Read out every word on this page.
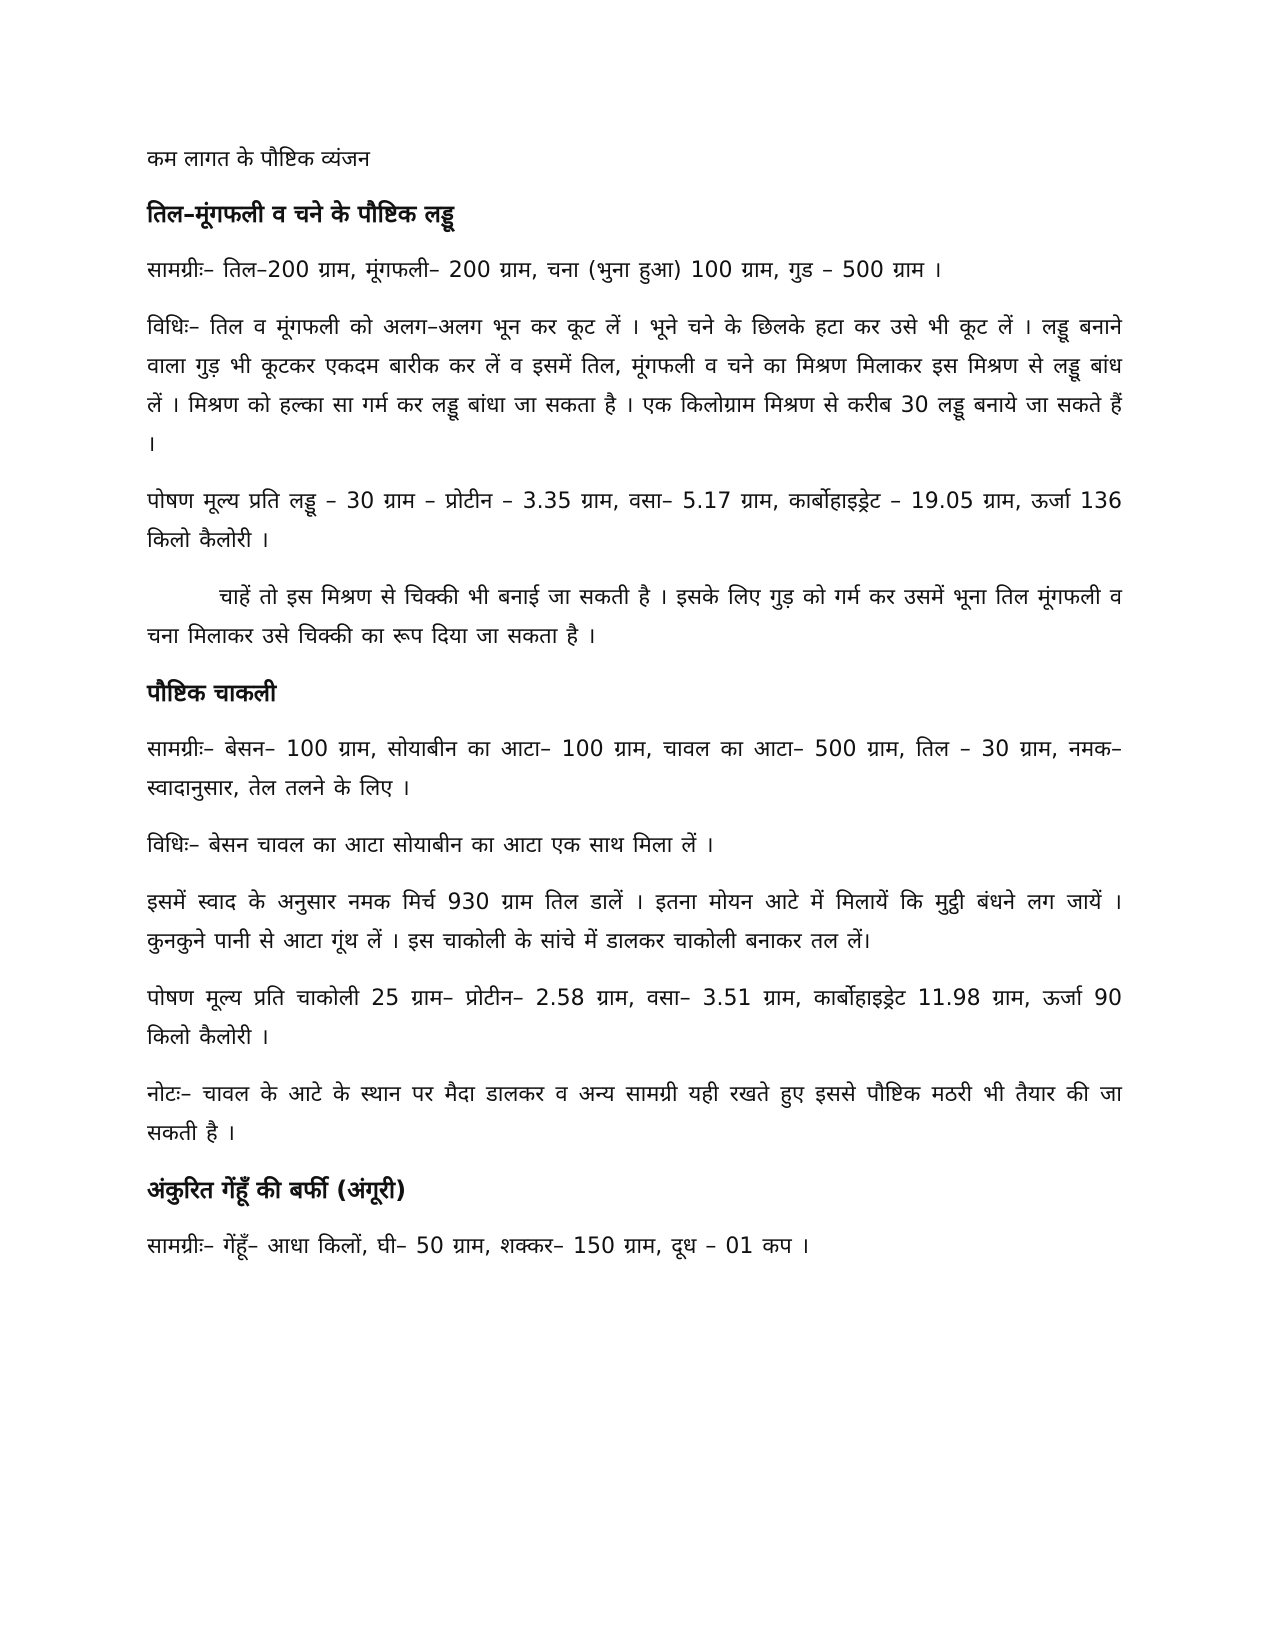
कम लागत के पौष्टिक व्यंजन

तिल–मूंगफली व चने के पौष्टिक लड्डू

सामग्रीः– तिल–200 ग्राम, मूंगफली– 200 ग्राम, चना (भुना हुआ) 100 ग्राम, गुड – 500 ग्राम ।

विधिः– तिल व मूंगफली को अलग–अलग भून कर कूट लें । भूने चने के छिलके हटा कर उसे भी कूट लें । लड्डू बनाने वाला गुड़ भी कूटकर एकदम बारीक कर लें व इसमें तिल, मूंगफली व चने का मिश्रण मिलाकर इस मिश्रण से लड्डू बांध लें । मिश्रण को हल्का सा गर्म कर लड्डू बांधा जा सकता है । एक किलोग्राम मिश्रण से करीब 30 लड्डू बनाये जा सकते हैं ।

पोषण मूल्य प्रति लड्डू – 30 ग्राम – प्रोटीन – 3.35 ग्राम, वसा– 5.17 ग्राम, कार्बोहाइड्रेट – 19.05 ग्राम, ऊर्जा 136 किलो कैलोरी ।

चाहें तो इस मिश्रण से चिक्की भी बनाई जा सकती है । इसके लिए गुड़ को गर्म कर उसमें भूना तिल मूंगफली व चना मिलाकर उसे चिक्की का रूप दिया जा सकता है ।

पौष्टिक चाकली

सामग्रीः– बेसन– 100 ग्राम, सोयाबीन का आटा– 100 ग्राम, चावल का आटा– 500 ग्राम, तिल – 30 ग्राम, नमक– स्वादानुसार, तेल तलने के लिए ।

विधिः– बेसन चावल का आटा सोयाबीन का आटा एक साथ मिला लें ।

इसमें स्वाद के अनुसार नमक मिर्च 930 ग्राम तिल डालें । इतना मोयन आटे में मिलायें कि मुट्ठी बंधने लग जायें । कुनकुने पानी से आटा गूंथ लें । इस चाकोली के सांचे में डालकर चाकोली बनाकर तल लें।

पोषण मूल्य प्रति चाकोली 25 ग्राम– प्रोटीन– 2.58 ग्राम, वसा– 3.51 ग्राम, कार्बोहाइड्रेट 11.98 ग्राम, ऊर्जा 90 किलो कैलोरी ।

नोटः– चावल के आटे के स्थान पर मैदा डालकर व अन्य सामग्री यही रखते हुए इससे पौष्टिक मठरी भी तैयार की जा सकती है ।

अंकुरित गेंहूँ की बर्फी (अंगूरी)

सामग्रीः– गेंहूँ– आधा किलों, घी– 50 ग्राम, शक्कर– 150 ग्राम, दूध – 01 कप ।
